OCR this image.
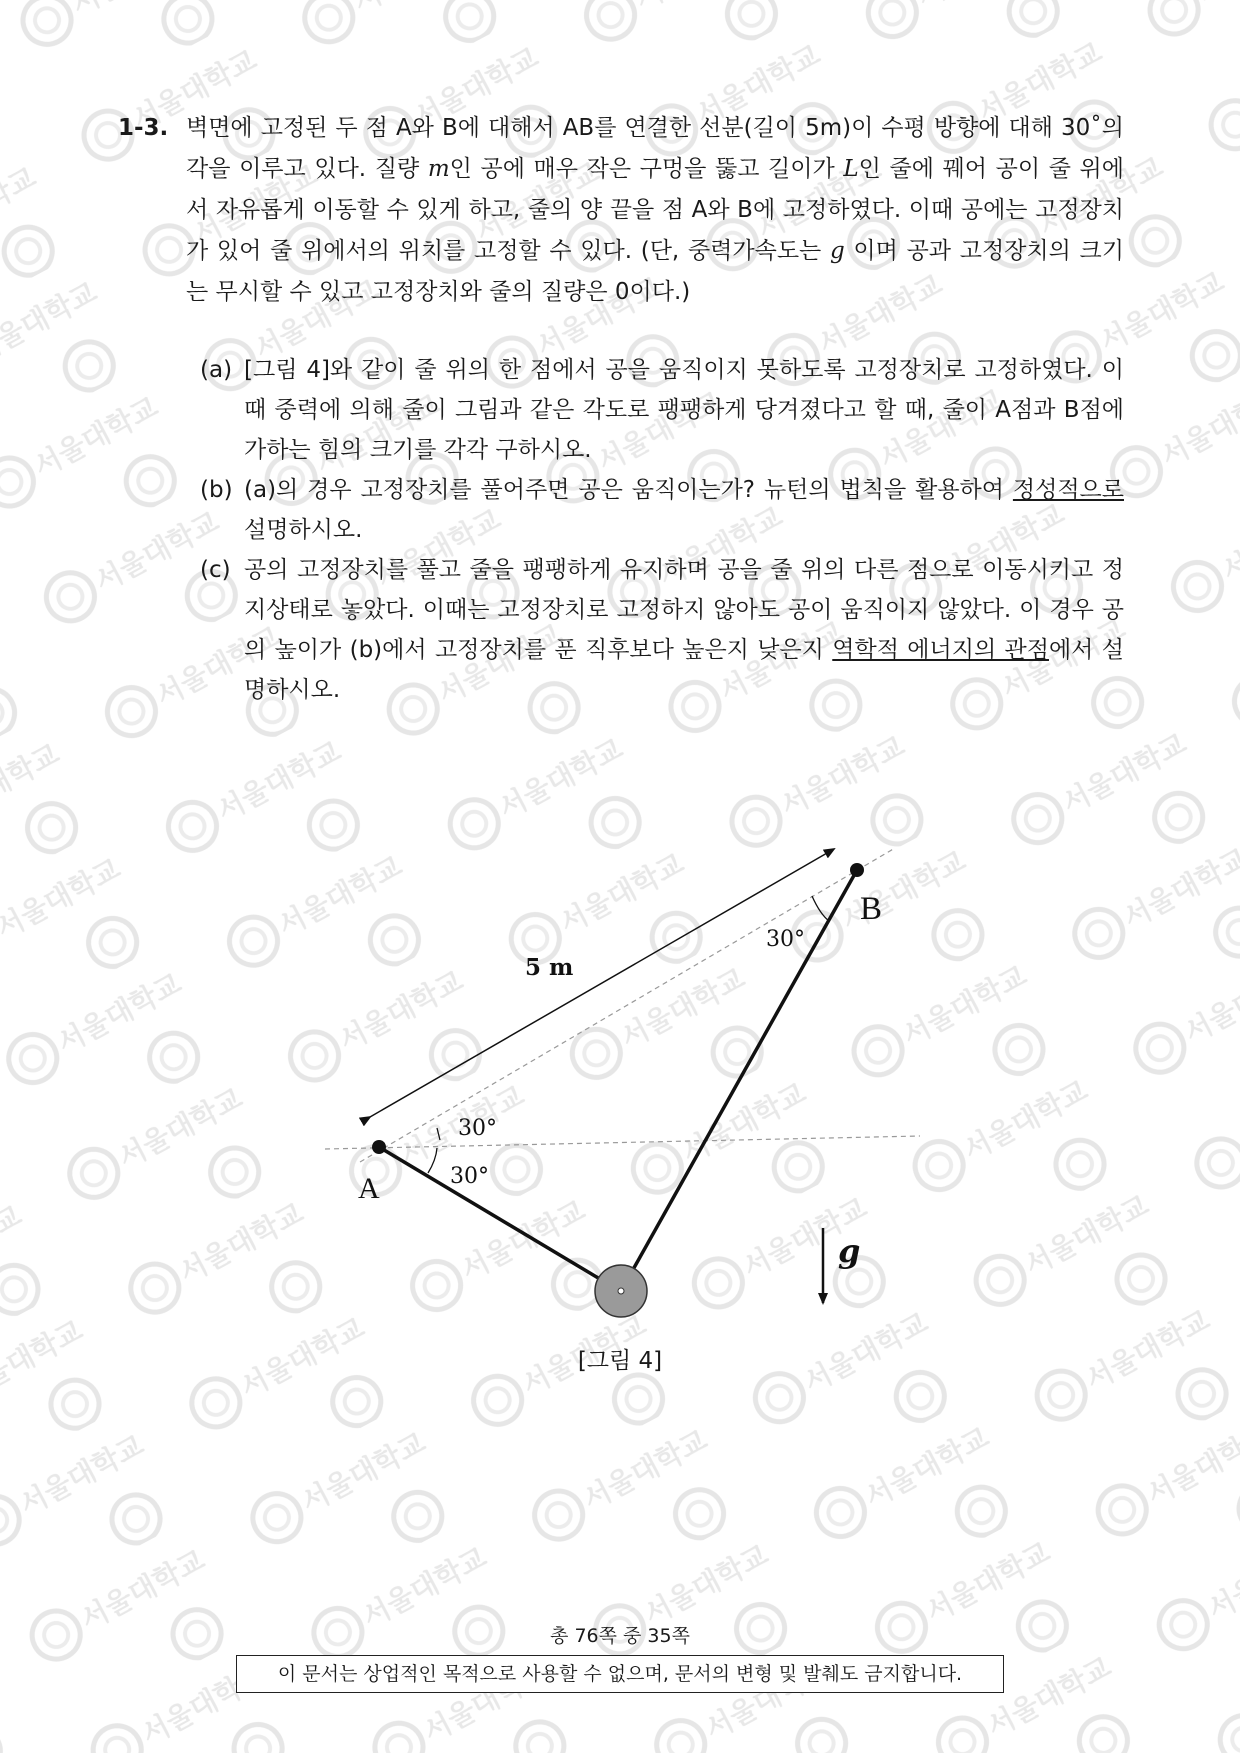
1-3. 벽면에 고정된 두 점 A와 B에 대해서 AB를 연결한 선분(길이 5m)이 수평 방향에 대해 30˚의 각을 이루고 있다. 질량 m인 공에 매우 작은 구멍을 뚫고 길이가 L인 줄에 꿰어 공이 줄 위에서 자유롭게 이동할 수 있게 하고, 줄의 양 끝을 점 A와 B에 고정하였다. 이때 공에는 고정장치가 있어 줄 위에서의 위치를 고정할 수 있다. (단, 중력가속도는 g 이며 공과 고정장치의 크기는 무시할 수 있고 고정장치와 줄의 질량은 0이다.)
(a) [그림 4]와 같이 줄 위의 한 점에서 공을 움직이지 못하도록 고정장치로 고정하였다. 이때 중력에 의해 줄이 그림과 같은 각도로 팽팽하게 당겨졌다고 할 때, 줄이 A점과 B점에 가하는 힘의 크기를 각각 구하시오.
(b) (a)의 경우 고정장치를 풀어주면 공은 움직이는가? 뉴턴의 법칙을 활용하여 정성적으로 설명하시오.
(c) 공의 고정장치를 풀고 줄을 팽팽하게 유지하며 공을 줄 위의 다른 점으로 이동시키고 정지상태로 놓았다. 이때는 고정장치로 고정하지 않아도 공이 움직이지 않았다. 이 경우 공의 높이가 (b)에서 고정장치를 푼 직후보다 높은지 낮은지 역학적 에너지의 관점에서 설명하시오.
A
B
5 m
30°
30°
30°
g
[그림 4]
총 76쪽 중 35쪽
이 문서는 상업적인 목적으로 사용할 수 없으며, 문서의 변형 및 발췌도 금지합니다.
